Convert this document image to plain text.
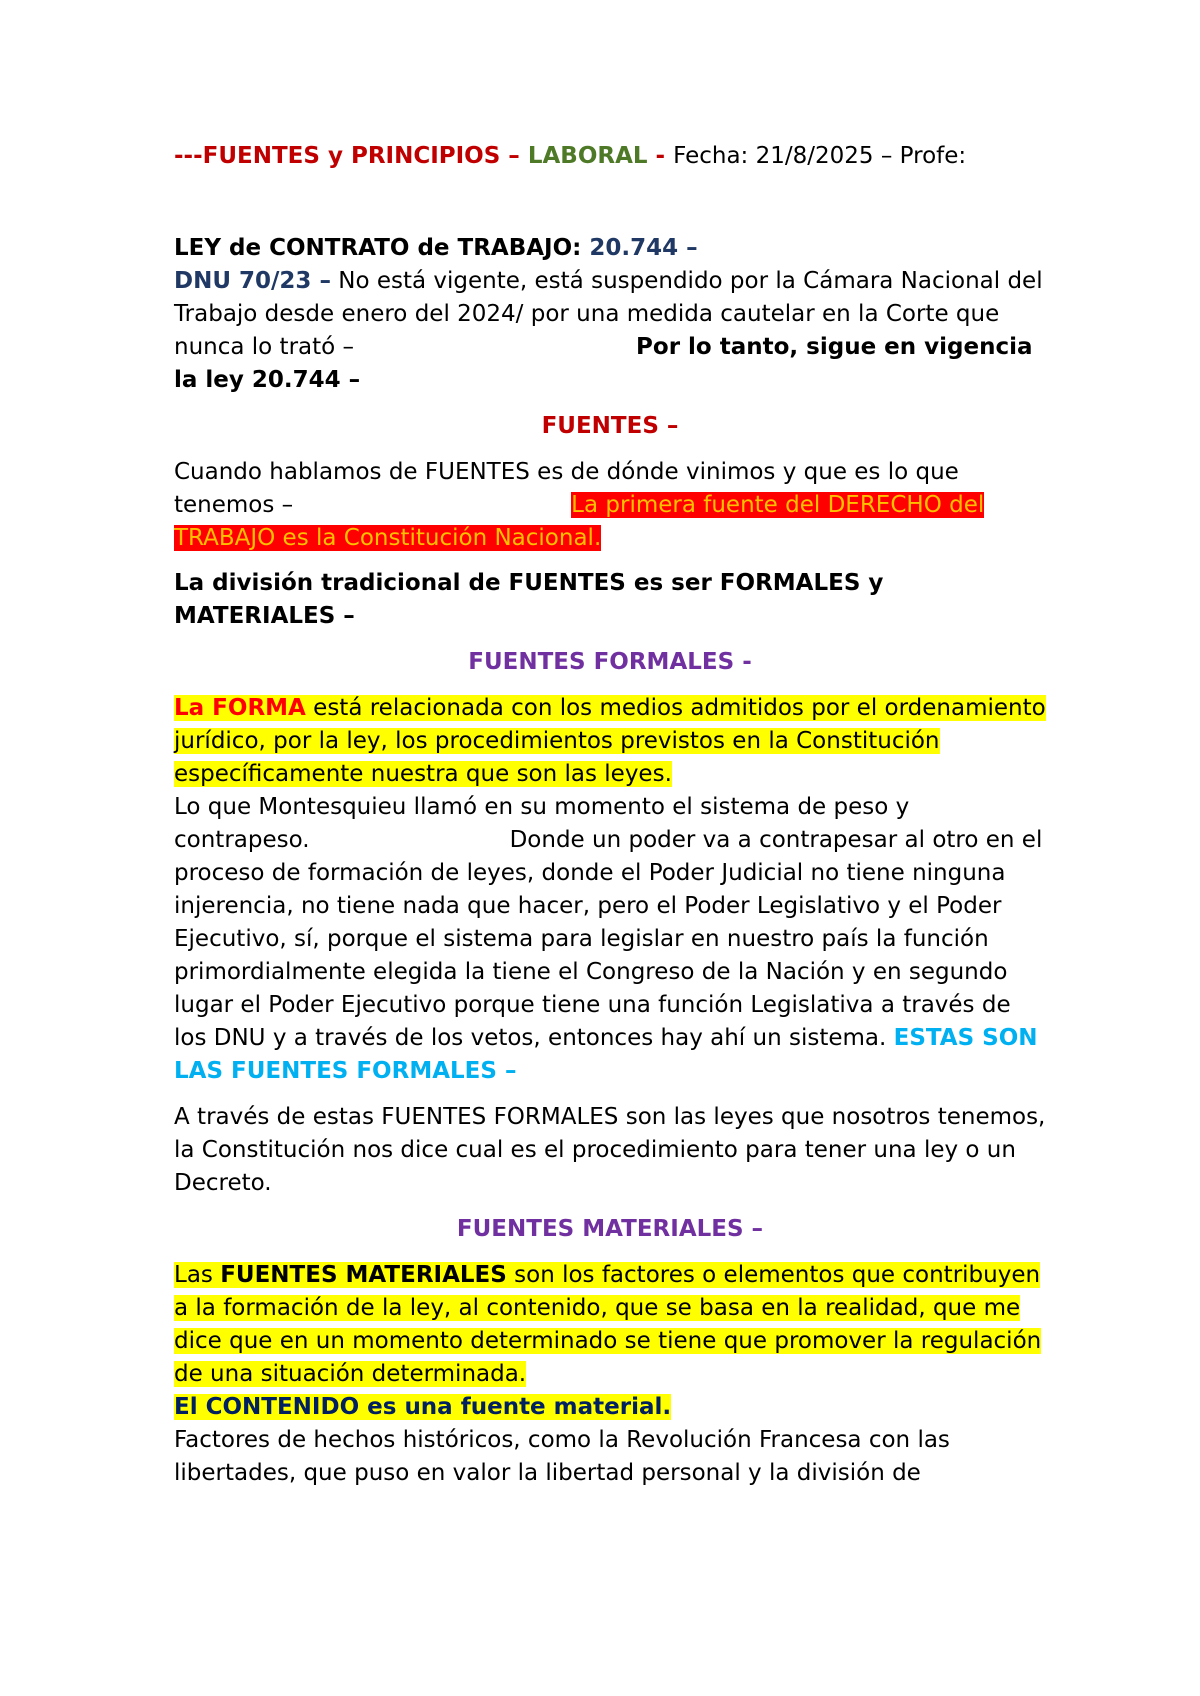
---FUENTES y PRINCIPIOS – LABORAL - Fecha: 21/8/2025 – Profe:

LEY de CONTRATO de TRABAJO: 20.744 –

DNU 70/23 – No está vigente, está suspendido por la Cámara Nacional del Trabajo desde enero del 2024/ por una medida cautelar en la Corte que nunca lo trató –	Por lo tanto, sigue en vigencia la ley 20.744 –

FUENTES –

Cuando hablamos de FUENTES es de dónde vinimos y que es lo que tenemos –	La primera fuente del DERECHO del TRABAJO es la Constitución Nacional.

La división tradicional de FUENTES es ser FORMALES y MATERIALES –

FUENTES FORMALES -

La FORMA está relacionada con los medios admitidos por el ordenamiento jurídico, por la ley, los procedimientos previstos en la Constitución específicamente nuestra que son las leyes.

Lo que Montesquieu llamó en su momento el sistema de peso y contrapeso.	Donde un poder va a contrapesar al otro en el proceso de formación de leyes, donde el Poder Judicial no tiene ninguna injerencia, no tiene nada que hacer, pero el Poder Legislativo y el Poder Ejecutivo, sí, porque el sistema para legislar en nuestro país la función primordialmente elegida la tiene el Congreso de la Nación y en segundo lugar el Poder Ejecutivo porque tiene una función Legislativa a través de los DNU y a través de los vetos, entonces hay ahí un sistema. ESTAS SON LAS FUENTES FORMALES –

A través de estas FUENTES FORMALES son las leyes que nosotros tenemos, la Constitución nos dice cual es el procedimiento para tener una ley o un Decreto.

FUENTES MATERIALES –

Las FUENTES MATERIALES son los factores o elementos que contribuyen a la formación de la ley, al contenido, que se basa en la realidad, que me dice que en un momento determinado se tiene que promover la regulación de una situación determinada.

El CONTENIDO es una fuente material.

Factores de hechos históricos, como la Revolución Francesa con las libertades, que puso en valor la libertad personal y la división de
